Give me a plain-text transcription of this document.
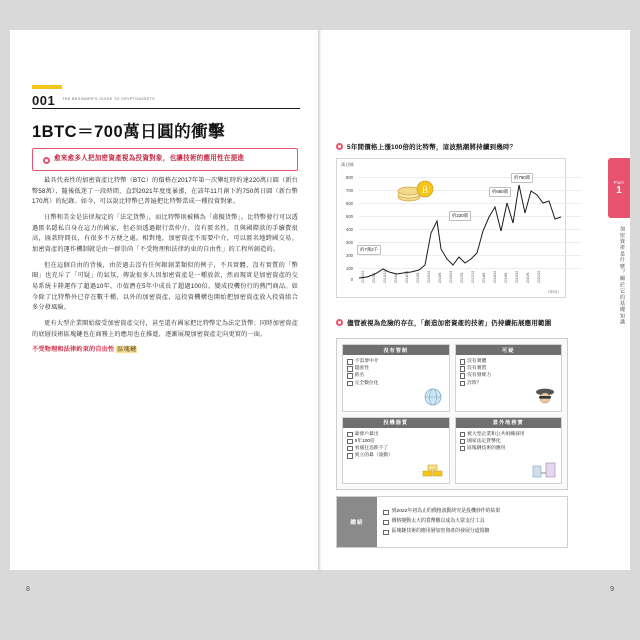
001 THE BEGINNER'S GUIDE TO CRYPTOASSETS
1BTC＝700萬日圓的衝擊
愈來愈多人把加密資產視為投資對象，也讓技術的應用性在提進

最具代表性的加密資產比特幣（BTC）的價格在2017年第一次攀紅時約達220萬日圓（新台幣58萬），隨後低迷了一段時間，直到2021年度度暴漲，在該年11月創下約750萬日圓（新台幣170萬）的紀錄。如今，可以說比特幣已普遍把比特幣當成一種投資對象。

日幣和美金是法律規定的「法定貨幣」，而比特幣則被稱為「虛擬貨幣」。比特幣發行可以透過匿名隱私自身在這力的國家，但必須透過銀行當仲介，沒有匿名性，且與國際款的手續費很高，匯款時間長，有很多不方便之處。相對地，加密資產不需要中介，可以匿名地跨國交易。加密資產的運作機制就是由一群崇尚「不受物理和法律約束的自由性」的工程所創造的。

但在這個自由的背後，由於過去沒有任何銀創業類似的例子，不具實體、沒有實質的「幣圈」也充斥了「可疑」的氣氛，傳說很多人因加密資產是一種放款，然而現實是加密資產的交易系統卡陸運作了超過10年，市值潛在5年中成長了超過100倍，變成投機份行的熱門商品。如今除了比特幣外已存在數千種，以外的加密資產，這投資機構也開始把加密資產放入投資組合多分發風險。

更有大型企業開始接受加密資產交付，甚至還有國家把比特幣定為法定貨幣；同時加密資產的底層技術區塊鏈也在商務上的應用也在推進，逐漸展現加密資產走向更實的一面。

不受物理和法律約束的自由性 區塊鏈

8
5年間價格上漲100倍的比特幣，這波熱潮將持續到幾時？
Part
1
加密資產是什麼？關於它的基礎知識
萬日圓
800
700
600
500
400
300
200
100
0
B
約7萬2千
約220萬
約660萬
約750萬
2012/12 2013/6 2013/12 2014/6 2014/12 2015/6 2015/12 2016/6 2016/12 2017/6 2017/12 2018/6 2018/12 2019/6 2019/12 2020/6 2020/12
（年/月）
儘管被視為危險的存在，「創造加密資產的技術」仍持續拓展應用範圍
沒有管制
不需要中介
隱匿性
匿名
完全數位化
可疑
沒有實體
沒有實質
沒有發實力
詐欺？
投機器質
暴發戶暴出
5年100倍
看漲狂追跌不了
異立的暴（波動）
意外地務實
被大型企業和公共組織採用
國家法定貨幣化
區塊鏈技術的應用
總結
到2022年初為止的價格波動終究是投機炒作的結果
價格變動太大的貨幣難以成為大眾支付工具
區塊鏈技術的應用層加密資產的發展分道揚鑣
9
